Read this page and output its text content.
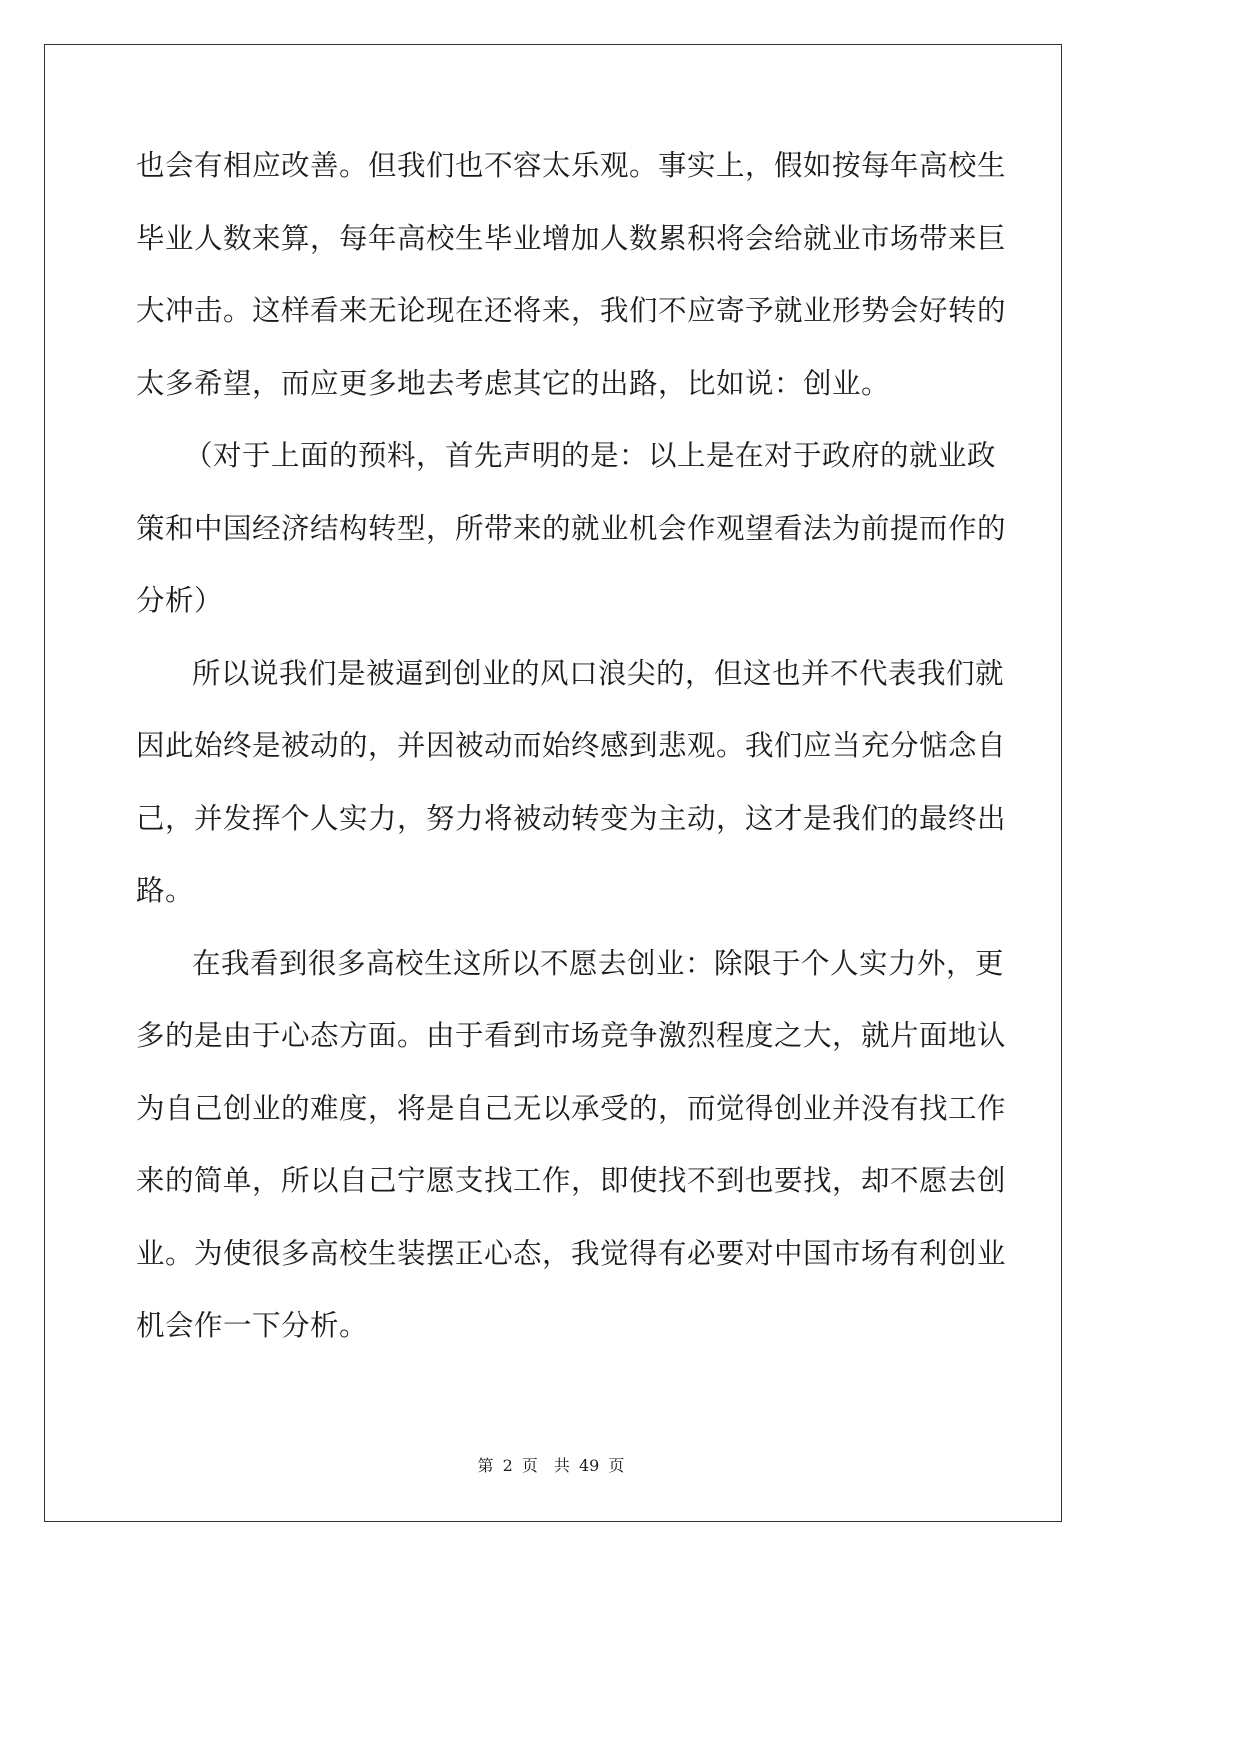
也会有相应改善。但我们也不容太乐观。事实上，假如按每年高校生
毕业人数来算，每年高校生毕业增加人数累积将会给就业市场带来巨
大冲击。这样看来无论现在还将来，我们不应寄予就业形势会好转的
太多希望，而应更多地去考虑其它的出路，比如说：创业。
（对于上面的预料，首先声明的是：以上是在对于政府的就业政
策和中国经济结构转型，所带来的就业机会作观望看法为前提而作的
分析）
所以说我们是被逼到创业的风口浪尖的，但这也并不代表我们就
因此始终是被动的，并因被动而始终感到悲观。我们应当充分惦念自
己，并发挥个人实力，努力将被动转变为主动，这才是我们的最终出
路。
在我看到很多高校生这所以不愿去创业：除限于个人实力外，更
多的是由于心态方面。由于看到市场竞争激烈程度之大，就片面地认
为自己创业的难度，将是自己无以承受的，而觉得创业并没有找工作
来的简单，所以自己宁愿支找工作，即使找不到也要找，却不愿去创
业。为使很多高校生装摆正心态，我觉得有必要对中国市场有利创业
机会作一下分析。
第 2 页　共 49 页
